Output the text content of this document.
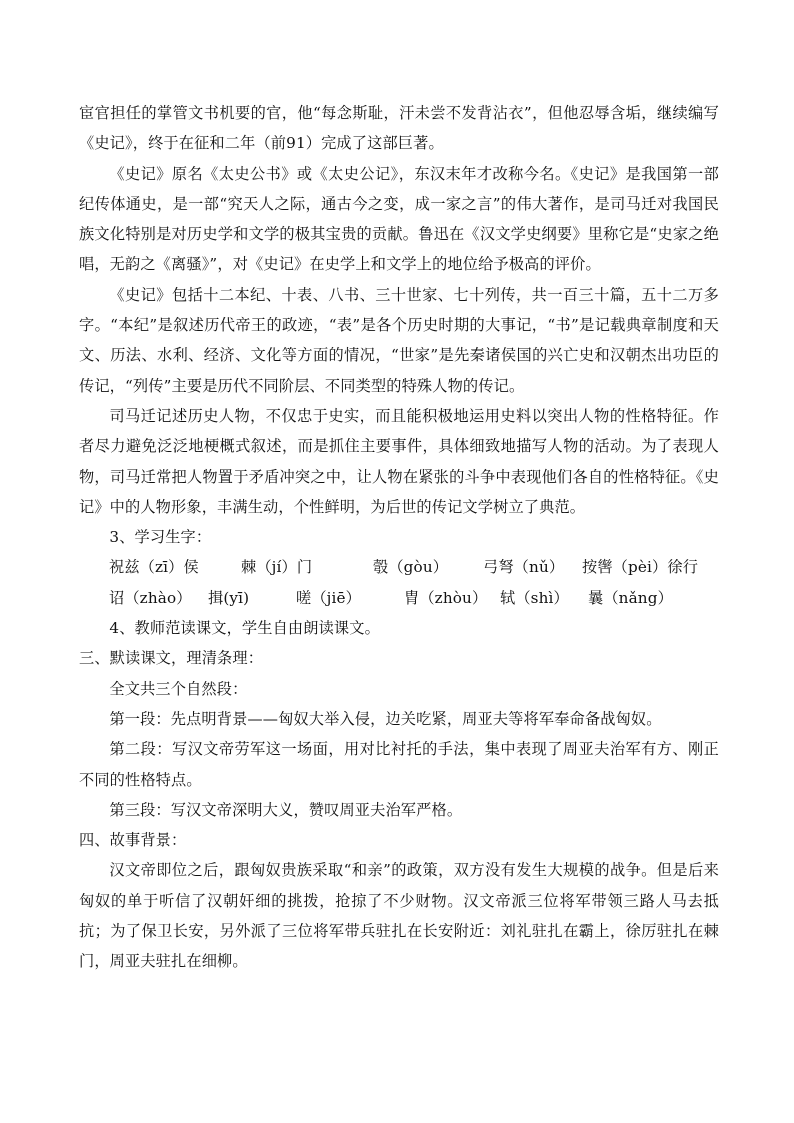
宦官担任的掌管文书机要的官，他“每念斯耻，汗未尝不发背沾衣”，但他忍辱含垢，继续编写《史记》，终于在征和二年（前91）完成了这部巨著。

《史记》原名《太史公书》或《太史公记》，东汉末年才改称今名。《史记》是我国第一部纪传体通史，是一部“究天人之际，通古今之变，成一家之言”的伟大著作，是司马迁对我国民族文化特别是对历史学和文学的极其宝贵的贡献。鲁迅在《汉文学史纲要》里称它是“史家之绝唱，无韵之《离骚》”，对《史记》在史学上和文学上的地位给予极高的评价。

《史记》包括十二本纪、十表、八书、三十世家、七十列传，共一百三十篇，五十二万多字。“本纪”是叙述历代帝王的政迹，“表”是各个历史时期的大事记，“书”是记载典章制度和天文、历法、水利、经济、文化等方面的情况，“世家”是先秦诸侯国的兴亡史和汉朝杰出功臣的传记，“列传”主要是历代不同阶层、不同类型的特殊人物的传记。

司马迁记述历史人物，不仅忠于史实，而且能积极地运用史料以突出人物的性格特征。作者尽力避免泛泛地梗概式叙述，而是抓住主要事件，具体细致地描写人物的活动。为了表现人物，司马迁常把人物置于矛盾冲突之中，让人物在紧张的斗争中表现他们各自的性格特征。《史记》中的人物形象，丰满生动，个性鲜明，为后世的传记文学树立了典范。

3、学习生字：

祝兹（zī）侯	棘（jí）门	彀（gòu）	弓弩（nǔ）	按辔（pèi）徐行
诏（zhào）	揖(yī)	嗟（jiē）	胄（zhòu） 轼（shì）	曩（nǎng）

4、教师范读课文，学生自由朗读课文。

三、默读课文，理清条理：

全文共三个自然段：

第一段：先点明背景——匈奴大举入侵，边关吃紧，周亚夫等将军奉命备战匈奴。

第二段：写汉文帝劳军这一场面，用对比衬托的手法，集中表现了周亚夫治军有方、刚正不同的性格特点。

第三段：写汉文帝深明大义，赞叹周亚夫治军严格。

四、故事背景：

汉文帝即位之后，跟匈奴贵族采取“和亲”的政策，双方没有发生大规模的战争。但是后来匈奴的单于听信了汉朝奸细的挑拨，抢掠了不少财物。汉文帝派三位将军带领三路人马去抵抗；为了保卫长安，另外派了三位将军带兵驻扎在长安附近：刘礼驻扎在霸上，徐厉驻扎在棘门，周亚夫驻扎在细柳。
